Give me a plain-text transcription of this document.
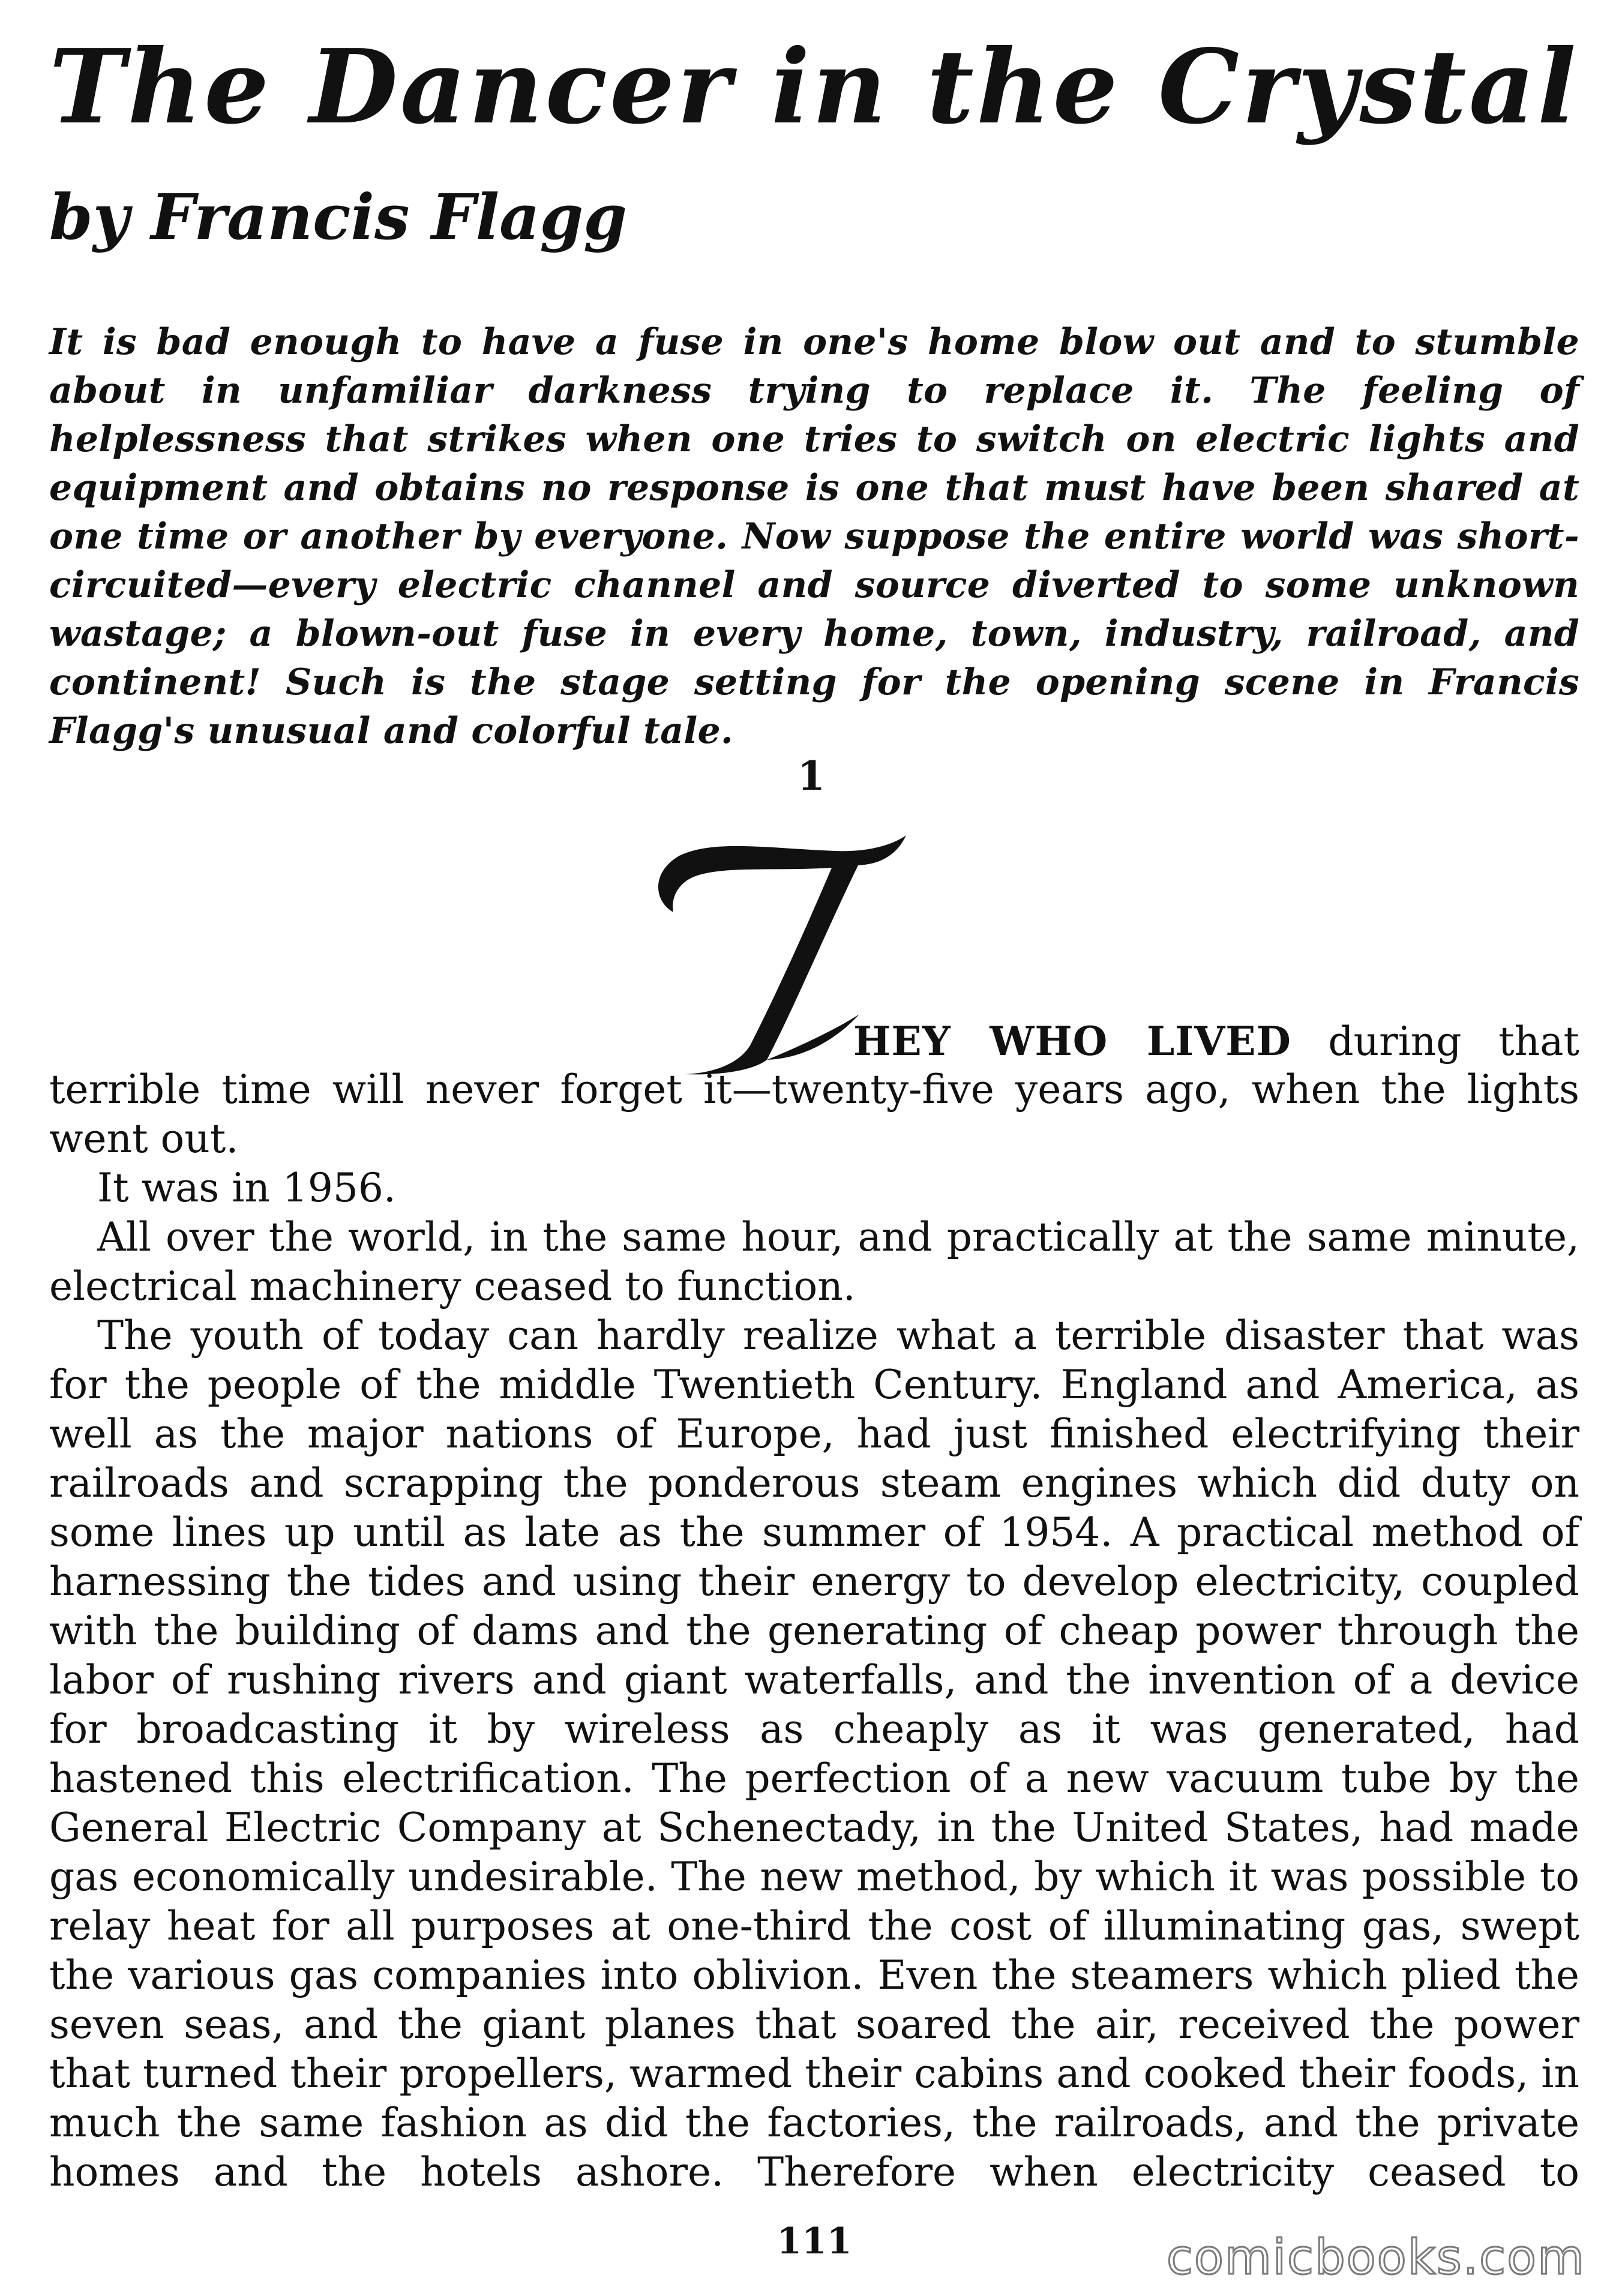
The Dancer in the Crystal
by Francis Flagg
It is bad enough to have a fuse in one's home blow out and to stumble about in unfamiliar darkness trying to replace it. The feeling of helplessness that strikes when one tries to switch on electric lights and equipment and obtains no response is one that must have been shared at one time or another by everyone. Now suppose the entire world was short-circuited—every electric channel and source diverted to some unknown wastage; a blown-out fuse in every home, town, industry, railroad, and continent! Such is the stage setting for the opening scene in Francis Flagg's unusual and colorful tale.
1
HEY WHO LIVED during that

terrible time will never forget it—twenty-five years ago, when the lights went out.

It was in 1956.

All over the world, in the same hour, and practically at the same minute, electrical machinery ceased to function.

The youth of today can hardly realize what a terrible disaster that was for the people of the middle Twentieth Century. England and America, as well as the major nations of Europe, had just finished electrifying their railroads and scrapping the ponderous steam engines which did duty on some lines up until as late as the summer of 1954. A practical method of harnessing the tides and using their energy to develop electricity, coupled with the building of dams and the generating of cheap power through the labor of rushing rivers and giant waterfalls, and the invention of a device for broadcasting it by wireless as cheaply as it was generated, had hastened this electrification. The perfection of a new vacuum tube by the General Electric Company at Schenectady, in the United States, had made gas economically undesirable. The new method, by which it was possible to relay heat for all purposes at one-third the cost of illuminating gas, swept the various gas companies into oblivion. Even the steamers which plied the seven seas, and the giant planes that soared the air, received the power that turned their propellers, warmed their cabins and cooked their foods, in much the same fashion as did the factories, the railroads, and the private homes and the hotels ashore. Therefore when electricity ceased to

111	comicbooks.com
